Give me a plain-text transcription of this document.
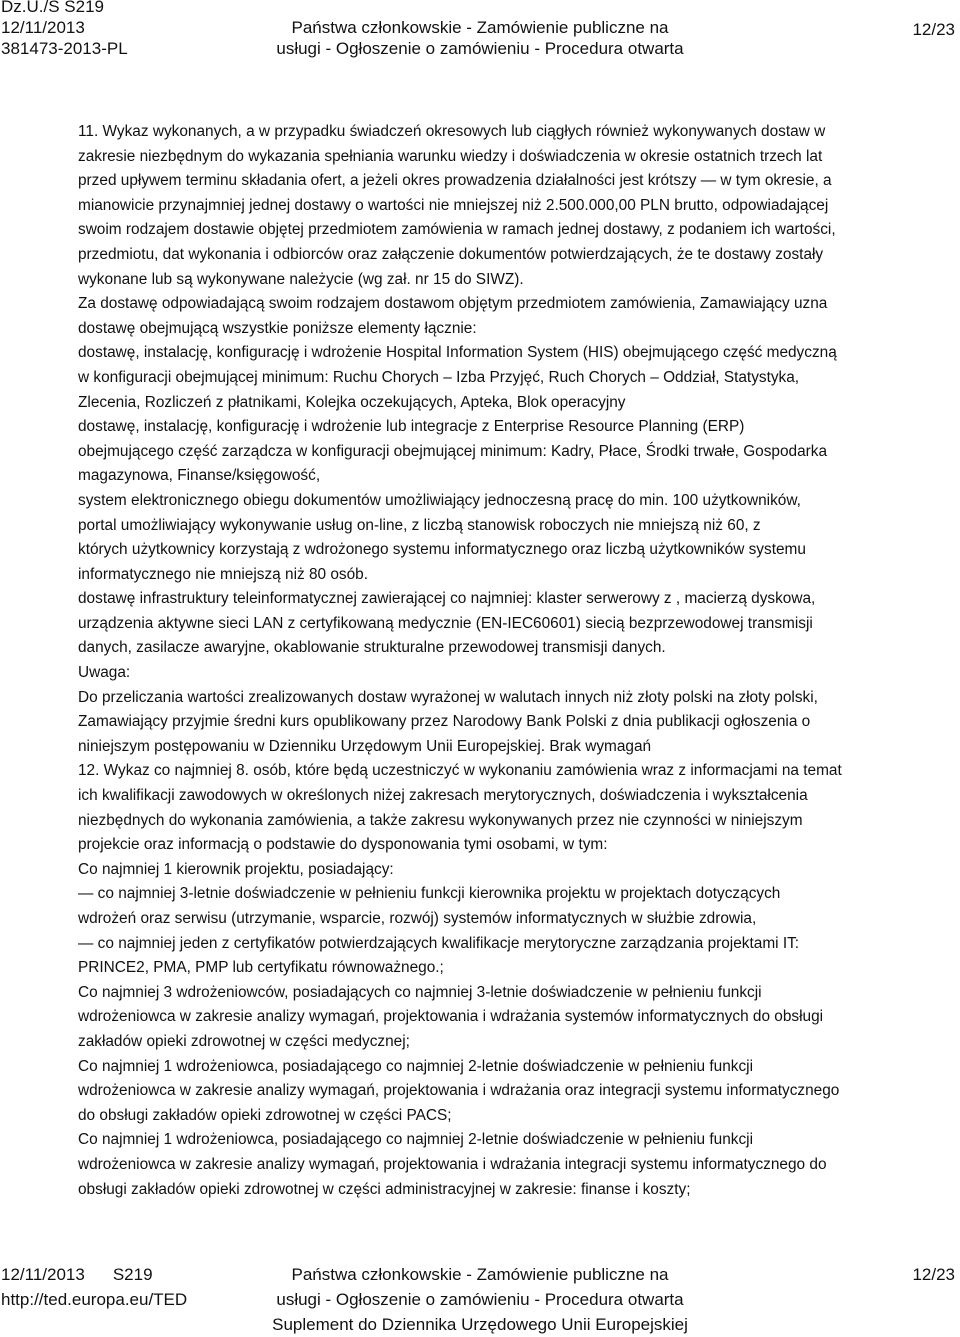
Dz.U./S S219
12/11/2013
381473-2013-PL
Państwa członkowskie - Zamówienie publiczne na
usługi - Ogłoszenie o zamówieniu - Procedura otwarta
12/23
11. Wykaz wykonanych, a w przypadku świadczeń okresowych lub ciągłych również wykonywanych dostaw w
zakresie niezbędnym do wykazania spełniania warunku wiedzy i doświadczenia w okresie ostatnich trzech lat
przed upływem terminu składania ofert, a jeżeli okres prowadzenia działalności jest krótszy — w tym okresie, a
mianowicie przynajmniej jednej dostawy o wartości nie mniejszej niż 2.500.000,00 PLN brutto, odpowiadającej
swoim rodzajem dostawie objętej przedmiotem zamówienia w ramach jednej dostawy, z podaniem ich wartości,
przedmiotu, dat wykonania i odbiorców oraz załączenie dokumentów potwierdzających, że te dostawy zostały
wykonane lub są wykonywane należycie (wg zał. nr 15 do SIWZ).
Za dostawę odpowiadającą swoim rodzajem dostawom objętym przedmiotem zamówienia, Zamawiający uzna
dostawę obejmującą wszystkie poniższe elementy łącznie:
dostawę, instalację, konfigurację i wdrożenie Hospital Information System (HIS) obejmującego część medyczną
w konfiguracji obejmującej minimum: Ruchu Chorych – Izba Przyjęć, Ruch Chorych – Oddział, Statystyka,
Zlecenia, Rozliczeń z płatnikami, Kolejka oczekujących, Apteka, Blok operacyjny
dostawę, instalację, konfigurację i wdrożenie lub integracje z Enterprise Resource Planning (ERP)
obejmującego część zarządcza w konfiguracji obejmującej minimum: Kadry, Płace, Środki trwałe, Gospodarka
magazynowa, Finanse/księgowość,
system elektronicznego obiegu dokumentów umożliwiający jednoczesną pracę do min. 100 użytkowników,
portal umożliwiający wykonywanie usług on-line, z liczbą stanowisk roboczych nie mniejszą niż 60, z
których użytkownicy korzystają z wdrożonego systemu informatycznego oraz liczbą użytkowników systemu
informatycznego nie mniejszą niż 80 osób.
dostawę infrastruktury teleinformatycznej zawierającej co najmniej: klaster serwerowy z , macierzą dyskowa,
urządzenia aktywne sieci LAN z certyfikowaną medycznie (EN-IEC60601) siecią bezprzewodowej transmisji
danych, zasilacze awaryjne, okablowanie strukturalne przewodowej transmisji danych.
Uwaga:
Do przeliczania wartości zrealizowanych dostaw wyrażonej w walutach innych niż złoty polski na złoty polski,
Zamawiający przyjmie średni kurs opublikowany przez Narodowy Bank Polski z dnia publikacji ogłoszenia o
niniejszym postępowaniu w Dzienniku Urzędowym Unii Europejskiej. Brak wymagań
12. Wykaz co najmniej 8. osób, które będą uczestniczyć w wykonaniu zamówienia wraz z informacjami na temat
ich kwalifikacji zawodowych w określonych niżej zakresach merytorycznych, doświadczenia i wykształcenia
niezbędnych do wykonania zamówienia, a także zakresu wykonywanych przez nie czynności w niniejszym
projekcie oraz informacją o podstawie do dysponowania tymi osobami, w tym:
Co najmniej 1 kierownik projektu, posiadający:
— co najmniej 3-letnie doświadczenie w pełnieniu funkcji kierownika projektu w projektach dotyczących
wdrożeń oraz serwisu (utrzymanie, wsparcie, rozwój) systemów informatycznych w służbie zdrowia,
— co najmniej jeden z certyfikatów potwierdzających kwalifikacje merytoryczne zarządzania projektami IT:
PRINCE2, PMA, PMP lub certyfikatu równoważnego.;
Co najmniej 3 wdrożeniowców, posiadających co najmniej 3-letnie doświadczenie w pełnieniu funkcji
wdrożeniowca w zakresie analizy wymagań, projektowania i wdrażania systemów informatycznych do obsługi
zakładów opieki zdrowotnej w części medycznej;
Co najmniej 1 wdrożeniowca, posiadającego co najmniej 2-letnie doświadczenie w pełnieniu funkcji
wdrożeniowca w zakresie analizy wymagań, projektowania i wdrażania oraz integracji systemu informatycznego
do obsługi zakładów opieki zdrowotnej w części PACS;
Co najmniej 1 wdrożeniowca, posiadającego co najmniej 2-letnie doświadczenie w pełnieniu funkcji
wdrożeniowca w zakresie analizy wymagań, projektowania i wdrażania integracji systemu informatycznego do
obsługi zakładów opieki zdrowotnej w części administracyjnej w zakresie: finanse i koszty;
12/11/2013 S219
http://ted.europa.eu/TED
Państwa członkowskie - Zamówienie publiczne na
usługi - Ogłoszenie o zamówieniu - Procedura otwarta
Suplement do Dziennika Urzędowego Unii Europejskiej
12/23
